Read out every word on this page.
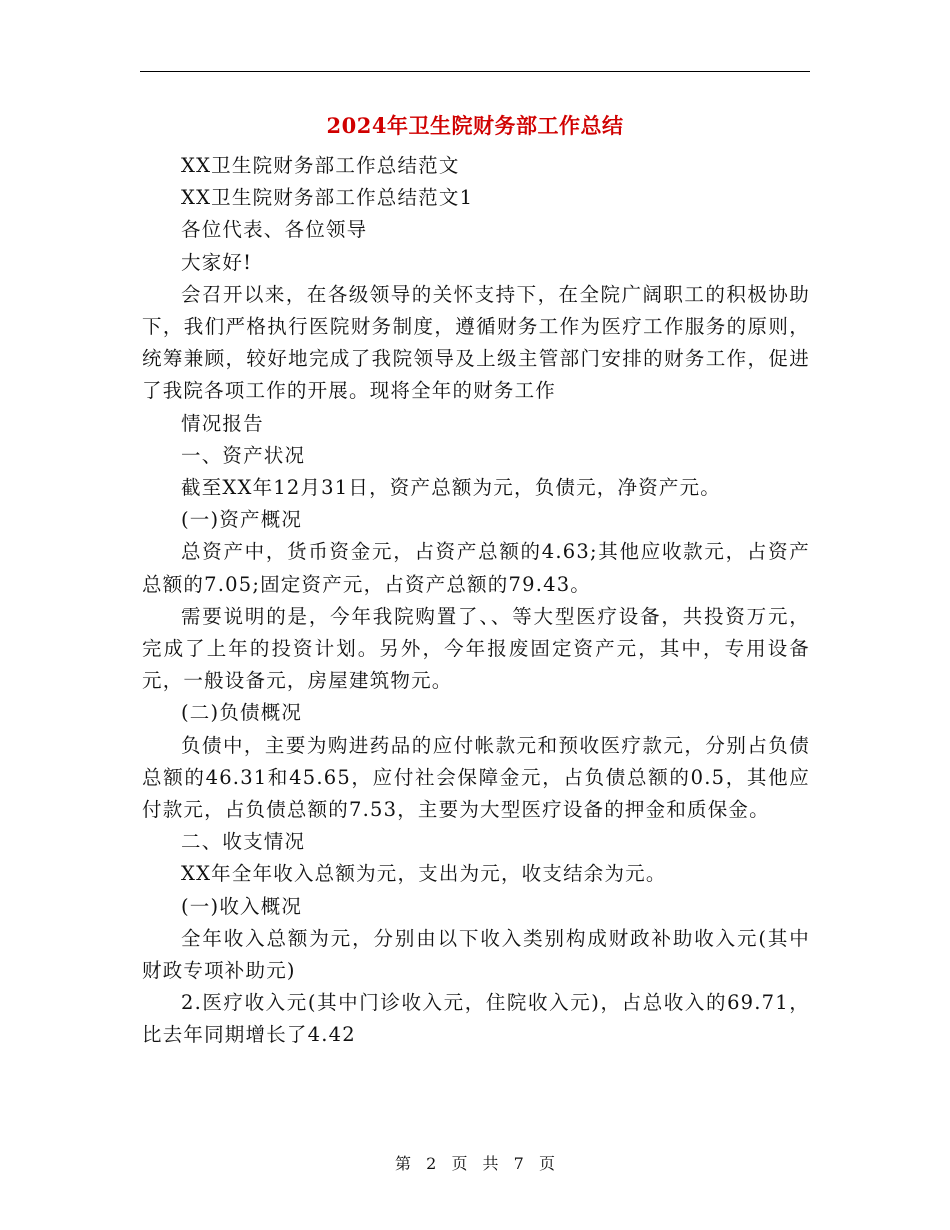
2024年卫生院财务部工作总结

XX卫生院财务部工作总结范文

XX卫生院财务部工作总结范文1

各位代表、各位领导

大家好!

会召开以来，在各级领导的关怀支持下，在全院广阔职工的积极协助下，我们严格执行医院财务制度，遵循财务工作为医疗工作服务的原则，统筹兼顾，较好地完成了我院领导及上级主管部门安排的财务工作，促进了我院各项工作的开展。现将全年的财务工作

情况报告

一、资产状况

截至XX年12月31日，资产总额为元，负债元，净资产元。

(一)资产概况

总资产中，货币资金元，占资产总额的4.63;其他应收款元，占资产总额的7.05;固定资产元，占资产总额的79.43。

需要说明的是，今年我院购置了、、等大型医疗设备，共投资万元，完成了上年的投资计划。另外，今年报废固定资产元，其中，专用设备元，一般设备元，房屋建筑物元。

(二)负债概况

负债中，主要为购进药品的应付帐款元和预收医疗款元，分别占负债总额的46.31和45.65，应付社会保障金元，占负债总额的0.5，其他应付款元，占负债总额的7.53，主要为大型医疗设备的押金和质保金。

二、收支情况

XX年全年收入总额为元，支出为元，收支结余为元。

(一)收入概况

全年收入总额为元，分别由以下收入类别构成财政补助收入元(其中财政专项补助元)

2.医疗收入元(其中门诊收入元，住院收入元)，占总收入的69.71，比去年同期增长了4.42

第 2 页 共 7 页
